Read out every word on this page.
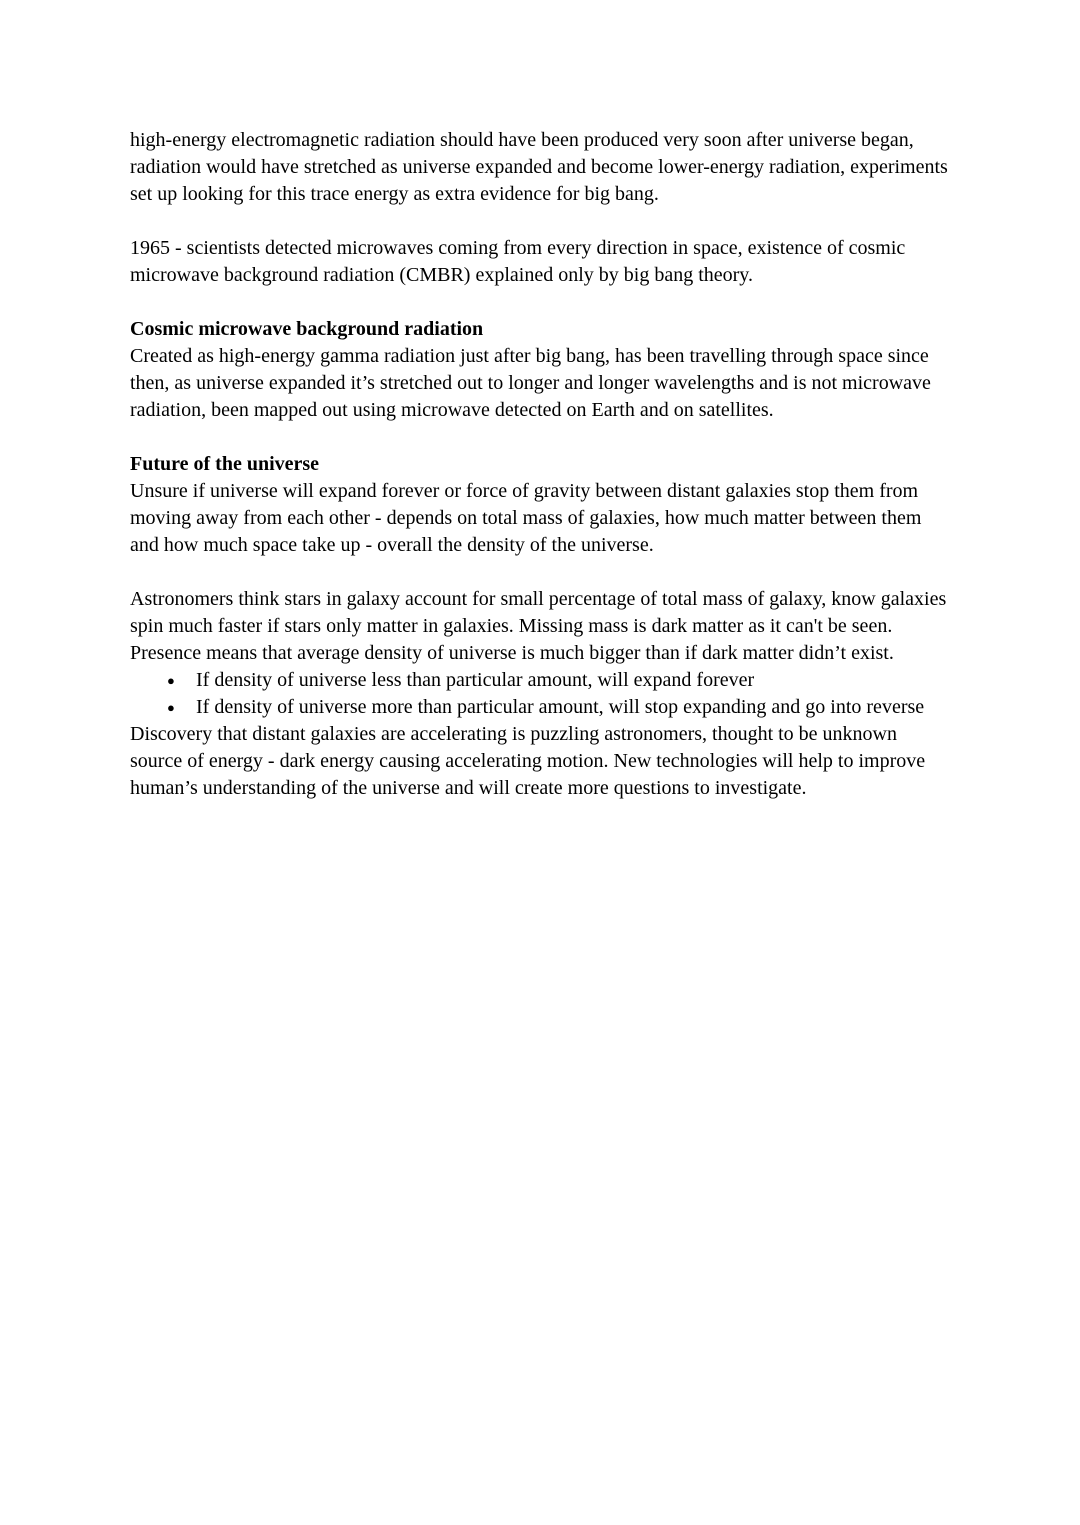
high-energy electromagnetic radiation should have been produced very soon after universe began, radiation would have stretched as universe expanded and become lower-energy radiation, experiments set up looking for this trace energy as extra evidence for big bang.

1965 - scientists detected microwaves coming from every direction in space, existence of cosmic microwave background radiation (CMBR) explained only by big bang theory.

Cosmic microwave background radiation

Created as high-energy gamma radiation just after big bang, has been travelling through space since then, as universe expanded it’s stretched out to longer and longer wavelengths and is not microwave radiation, been mapped out using microwave detected on Earth and on satellites.

Future of the universe

Unsure if universe will expand forever or force of gravity between distant galaxies stop them from moving away from each other - depends on total mass of galaxies, how much matter between them and how much space take up - overall the density of the universe.

Astronomers think stars in galaxy account for small percentage of total mass of galaxy, know galaxies spin much faster if stars only matter in galaxies. Missing mass is dark matter as it can't be seen. Presence means that average density of universe is much bigger than if dark matter didn’t exist.

● If density of universe less than particular amount, will expand forever
● If density of universe more than particular amount, will stop expanding and go into reverse

Discovery that distant galaxies are accelerating is puzzling astronomers, thought to be unknown source of energy - dark energy causing accelerating motion. New technologies will help to improve human’s understanding of the universe and will create more questions to investigate.
